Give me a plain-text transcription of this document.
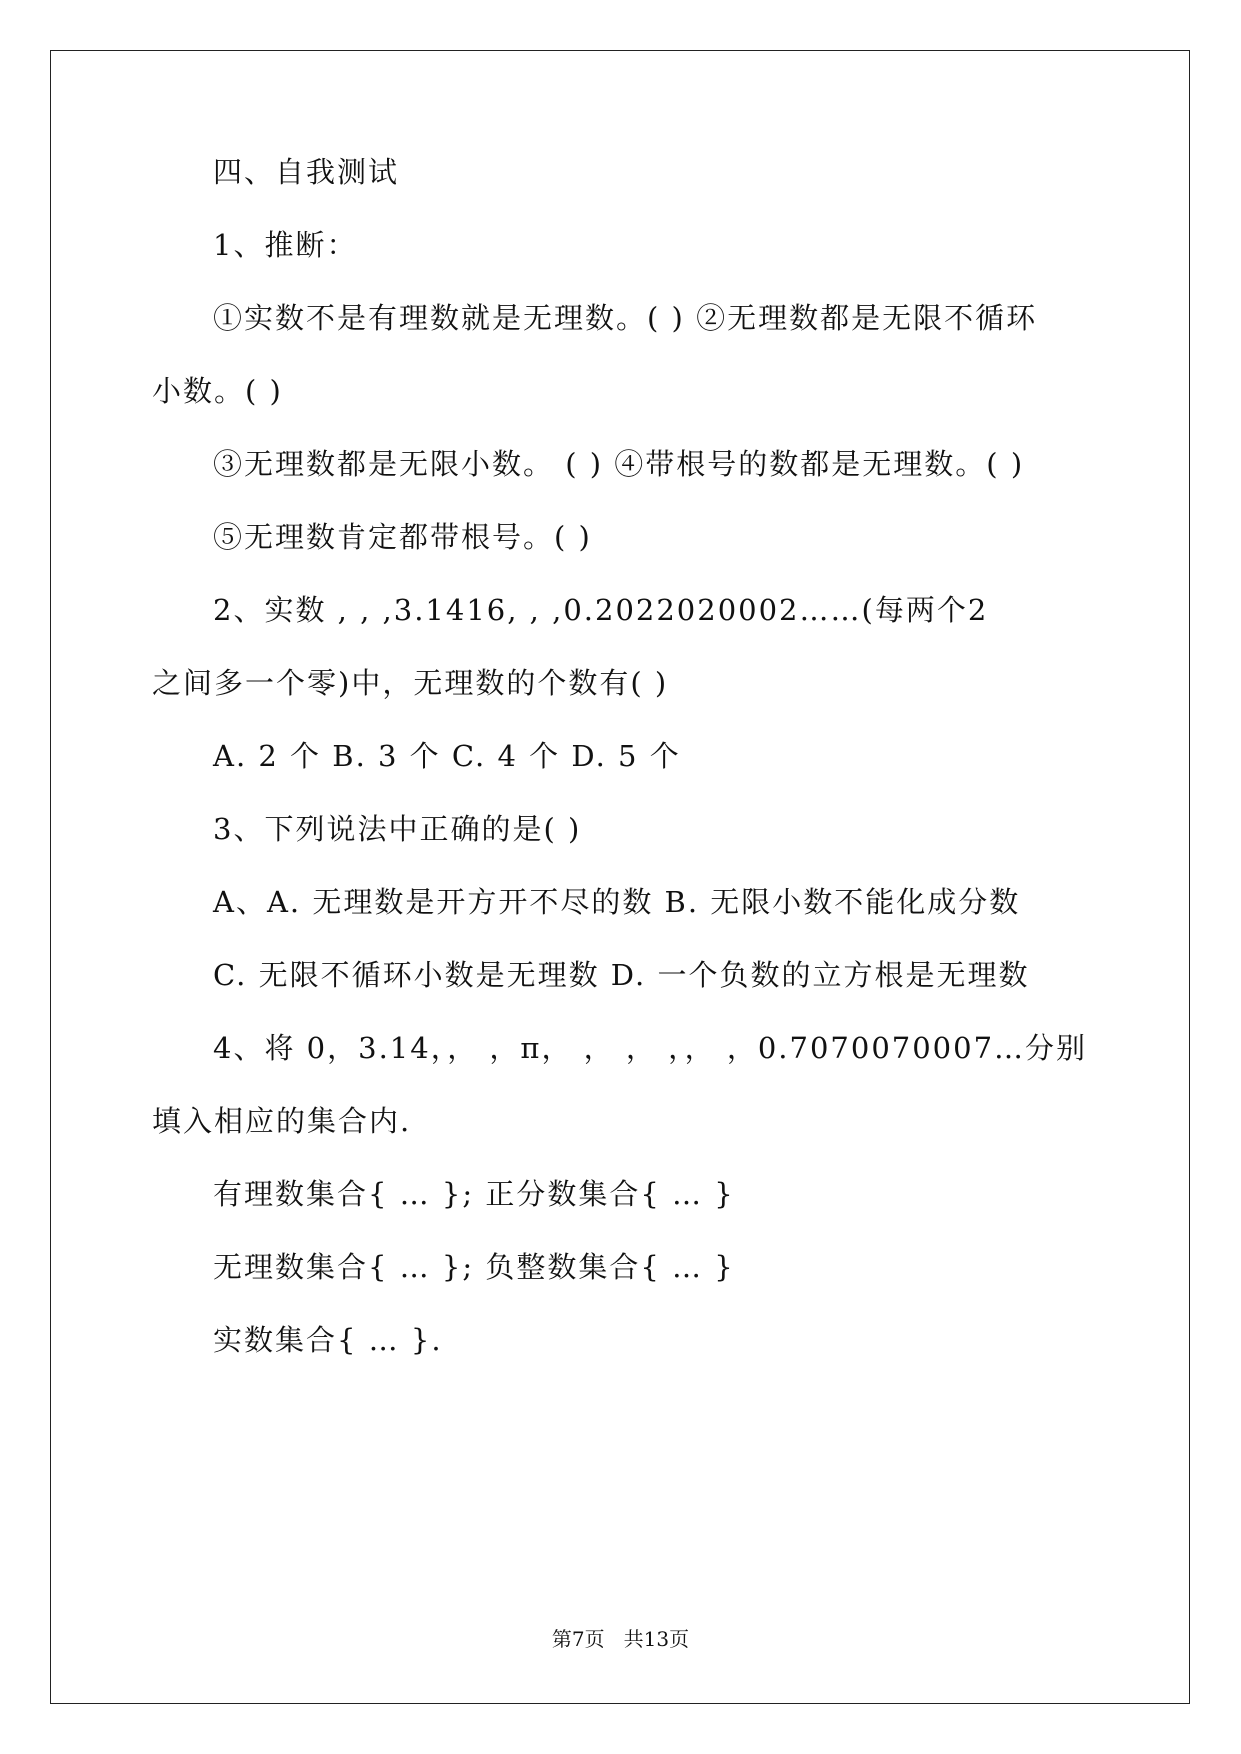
四、自我测试
1、推断：
①实数不是有理数就是无理数。( ) ②无理数都是无限不循环
小数。( )
③无理数都是无限小数。 ( ) ④带根号的数都是无理数。( )
⑤无理数肯定都带根号。( )
2、实数 , , ,3.1416, , ,0.2022020002……(每两个2
之间多一个零)中，无理数的个数有( )
A. 2 个 B. 3 个 C. 4 个 D. 5 个
3、下列说法中正确的是( )
A、A. 无理数是开方开不尽的数 B. 无限小数不能化成分数
C. 无限不循环小数是无理数 D. 一个负数的立方根是无理数
4、将 0，3.14，， ，π， ， ， ，， ，0.7070070007…分别
填入相应的集合内.
有理数集合{ … }; 正分数集合{ … }
无理数集合{ … }; 负整数集合{ … }
实数集合{ … }.
第7页   共13页
